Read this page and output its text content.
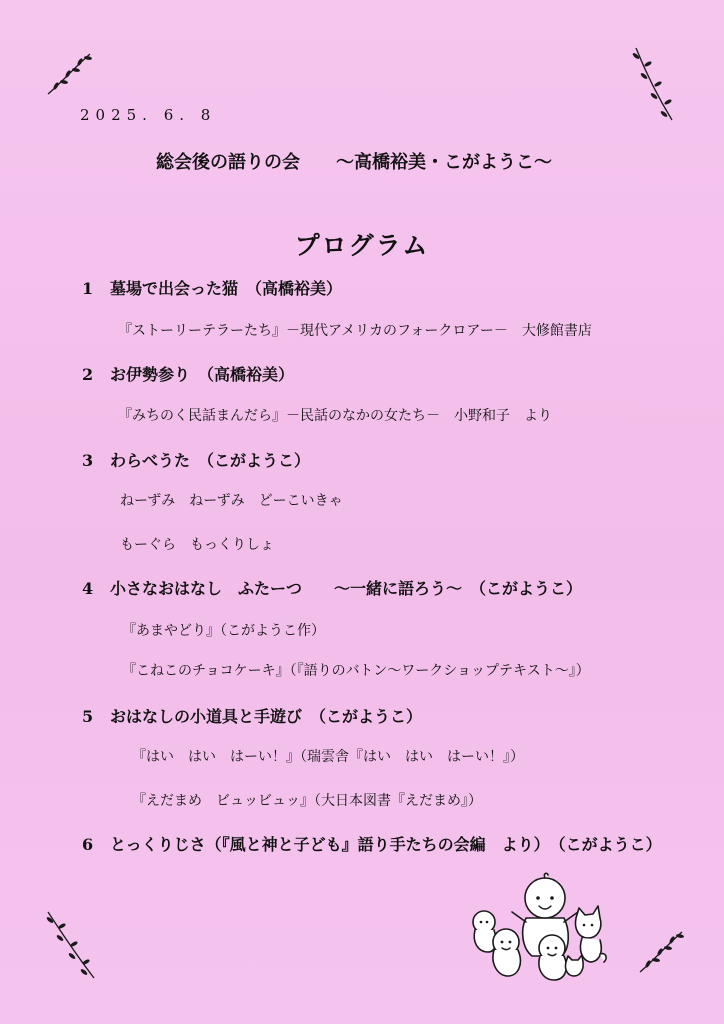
2025. 6. 8
総会後の語りの会　　～高橋裕美・こがようこ～
プログラム
1 墓場で出会った猫　（高橋裕美）
『ストーリーテラーたち』－現代アメリカのフォークロアー－　大修館書店
2 お伊勢参り　（高橋裕美）
『みちのく民話まんだら』－民話のなかの女たち－　小野和子　より
3 わらべうた　（こがようこ）
ねーずみ　ねーずみ　どーこいきゃ
もーぐら　もっくりしょ
4 小さなおはなし　ふたーつ　　～一緒に語ろう～　（こがようこ）
『あまやどり』（こがようこ作）
『こねこのチョコケーキ』（『語りのバトン～ワークショップテキスト～』）
5 おはなしの小道具と手遊び　（こがようこ）
『はい　はい　はーい！』（瑞雲舎『はい　はい　はーい！』）
『えだまめ　ビュッビュッ』（大日本図書『えだまめ』）
6 とっくりじさ（『風と神と子ども』語り手たちの会編　より）　（こがようこ）
